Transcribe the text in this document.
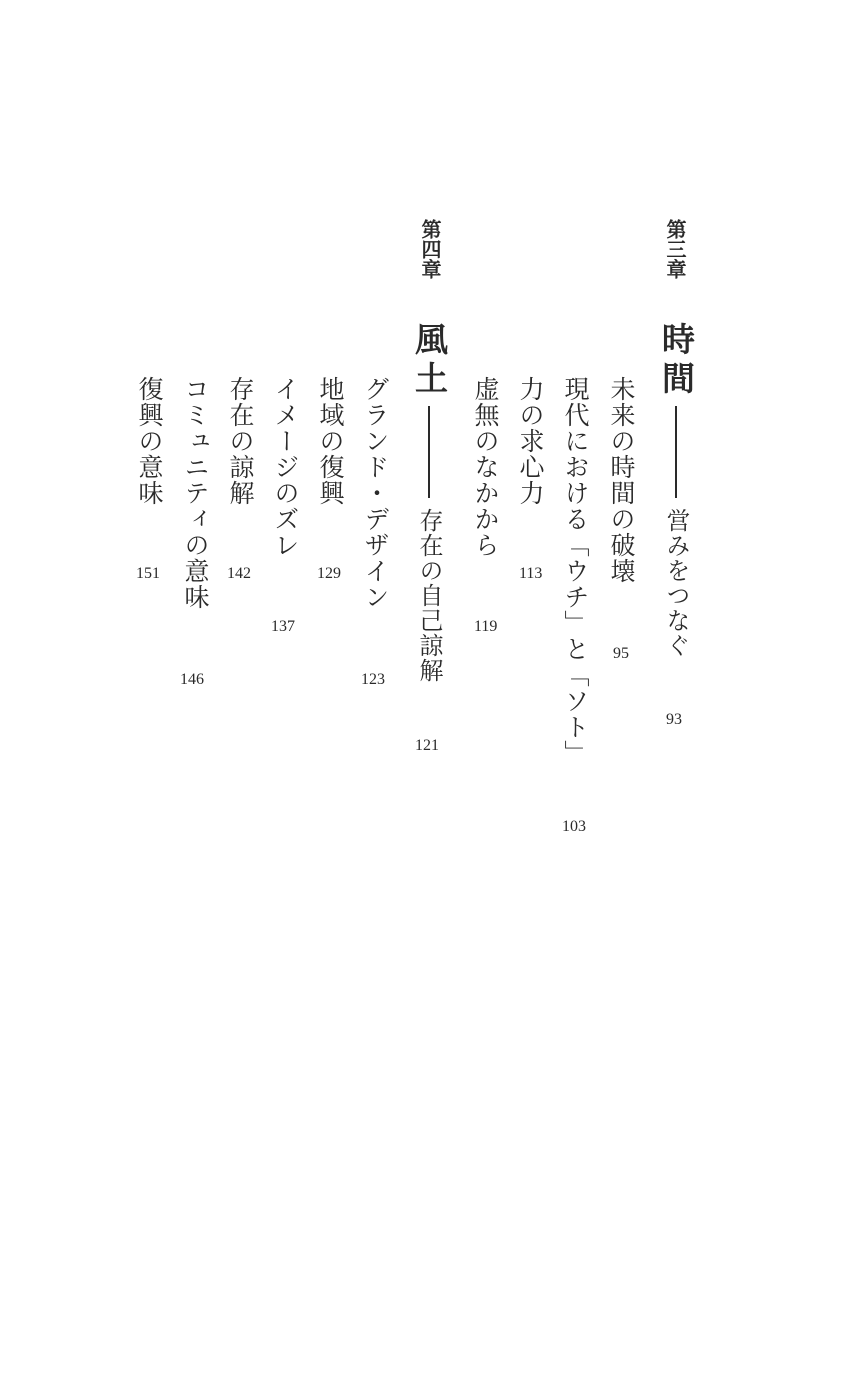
第三章
時間営みをつなぐ
93
未来の時間の破壊
95
現代における「ウチ」と「ソト」
103
力の求心力
113
虚無のなかから
119
第四章
風土存在の自己諒解
121
グランド・デザイン
123
地域の復興
129
イメージのズレ
137
存在の諒解
142
コミュニティの意味
146
復興の意味
151
